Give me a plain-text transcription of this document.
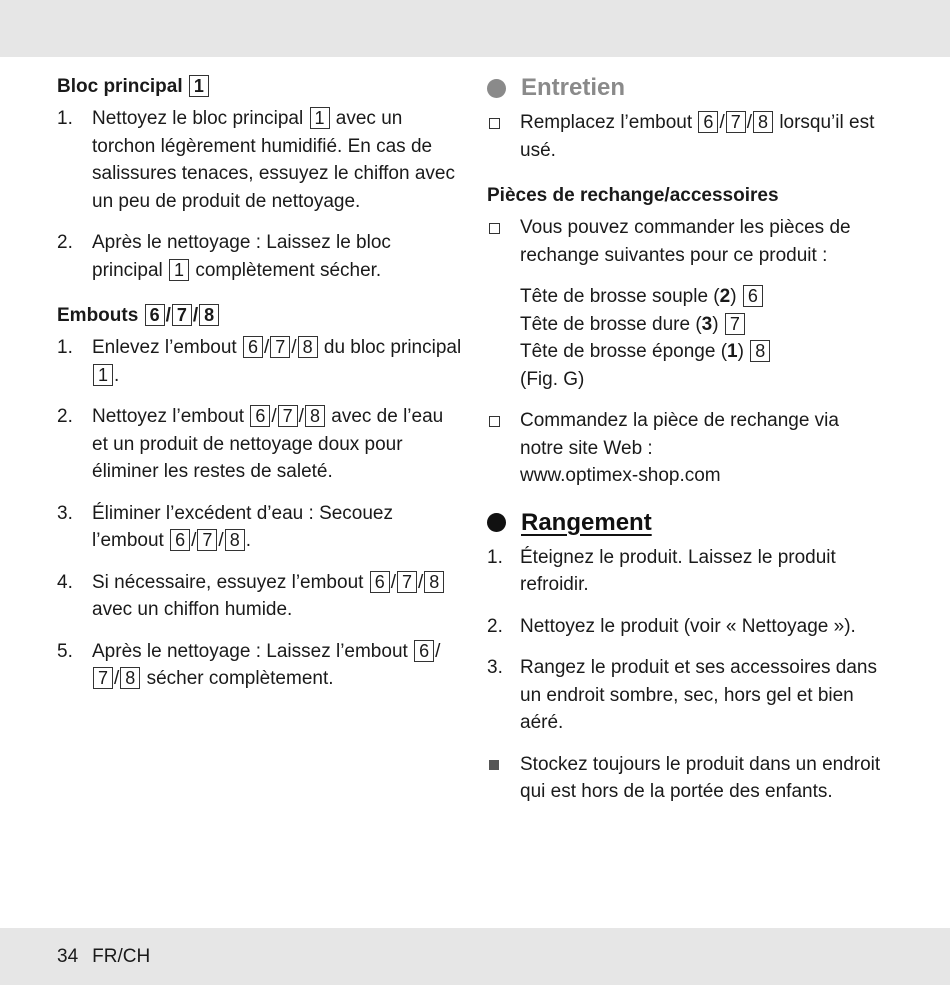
Bloc principal 1
1.	Nettoyez le bloc principal 1 avec un torchon légèrement humidifié. En cas de salissures tenaces, essuyez le chiffon avec un peu de produit de nettoyage.
2.	Après le nettoyage : Laissez le bloc principal 1 complètement sécher.
Embouts 6 / 7 / 8
1.	Enlevez l’embout 6 / 7 / 8 du bloc principal 1 .
2.	Nettoyez l’embout 6 / 7 / 8 avec de l’eau et un produit de nettoyage doux pour éliminer les restes de saleté.
3.	Éliminer l’excédent d’eau : Secouez l’embout 6 / 7 / 8 .
4.	Si nécessaire, essuyez l’embout 6 / 7 / 8 avec un chiffon humide.
5.	Après le nettoyage : Laissez l’embout 6 /7 / 8 sécher complètement.
Entretien
Remplacez l’embout 6 / 7 / 8 lorsqu’il est usé.
Pièces de rechange/accessoires
Vous pouvez commander les pièces de rechange suivantes pour ce produit :
Tête de brosse souple (2) 6
Tête de brosse dure (3) 7
Tête de brosse éponge (1) 8
(Fig. G)
Commandez la pièce de rechange via notre site Web :
www.optimex-shop.com
Rangement
1. Éteignez le produit. Laissez le produit refroidir.
2. Nettoyez le produit (voir « Nettoyage »).
3. Rangez le produit et ses accessoires dans un endroit sombre, sec, hors gel et bien aéré.
Stockez toujours le produit dans un endroit qui est hors de la portée des enfants.
34 FR/CH
